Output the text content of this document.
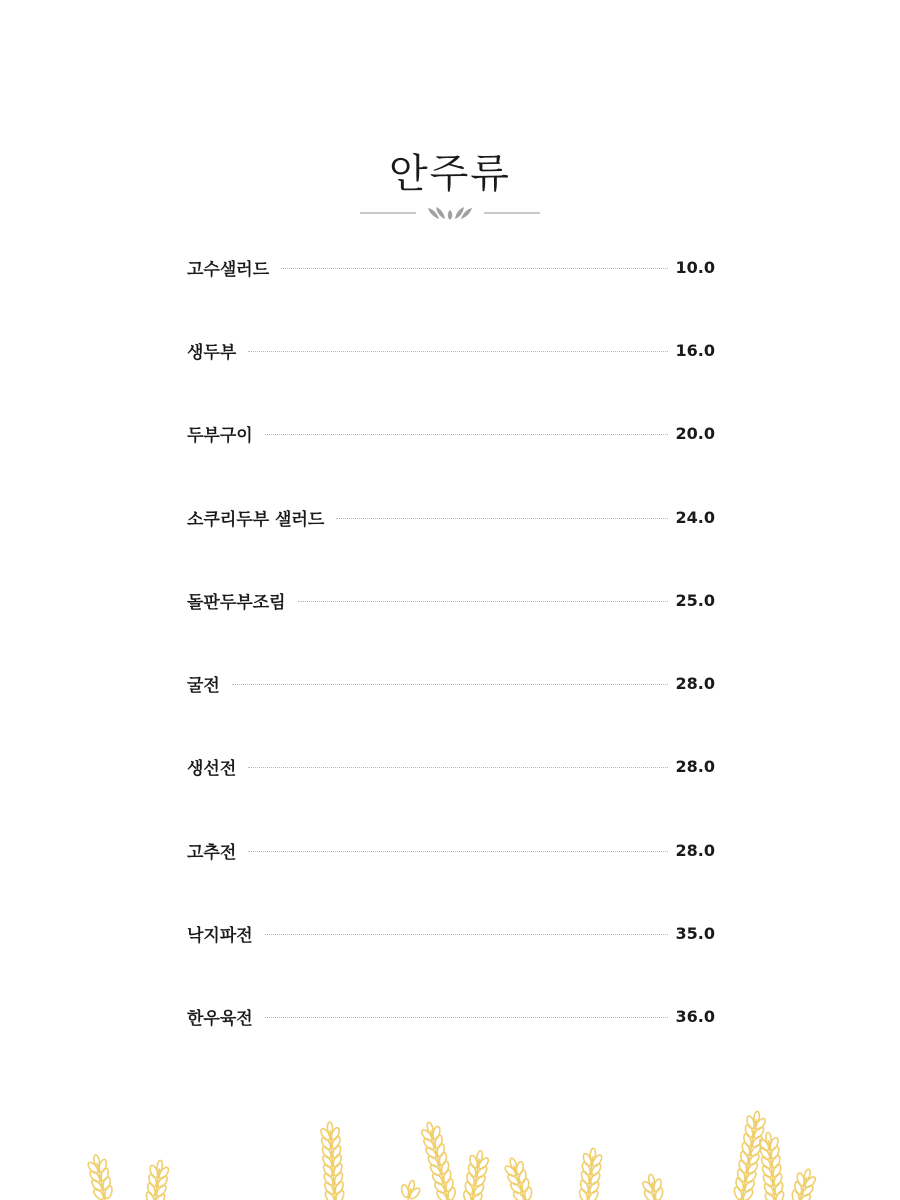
안주류
고수샐러드	10.0
생두부	16.0
두부구이	20.0
소쿠리두부 샐러드	24.0
돌판두부조림	25.0
굴전	28.0
생선전	28.0
고추전	28.0
낙지파전	35.0
한우육전	36.0
